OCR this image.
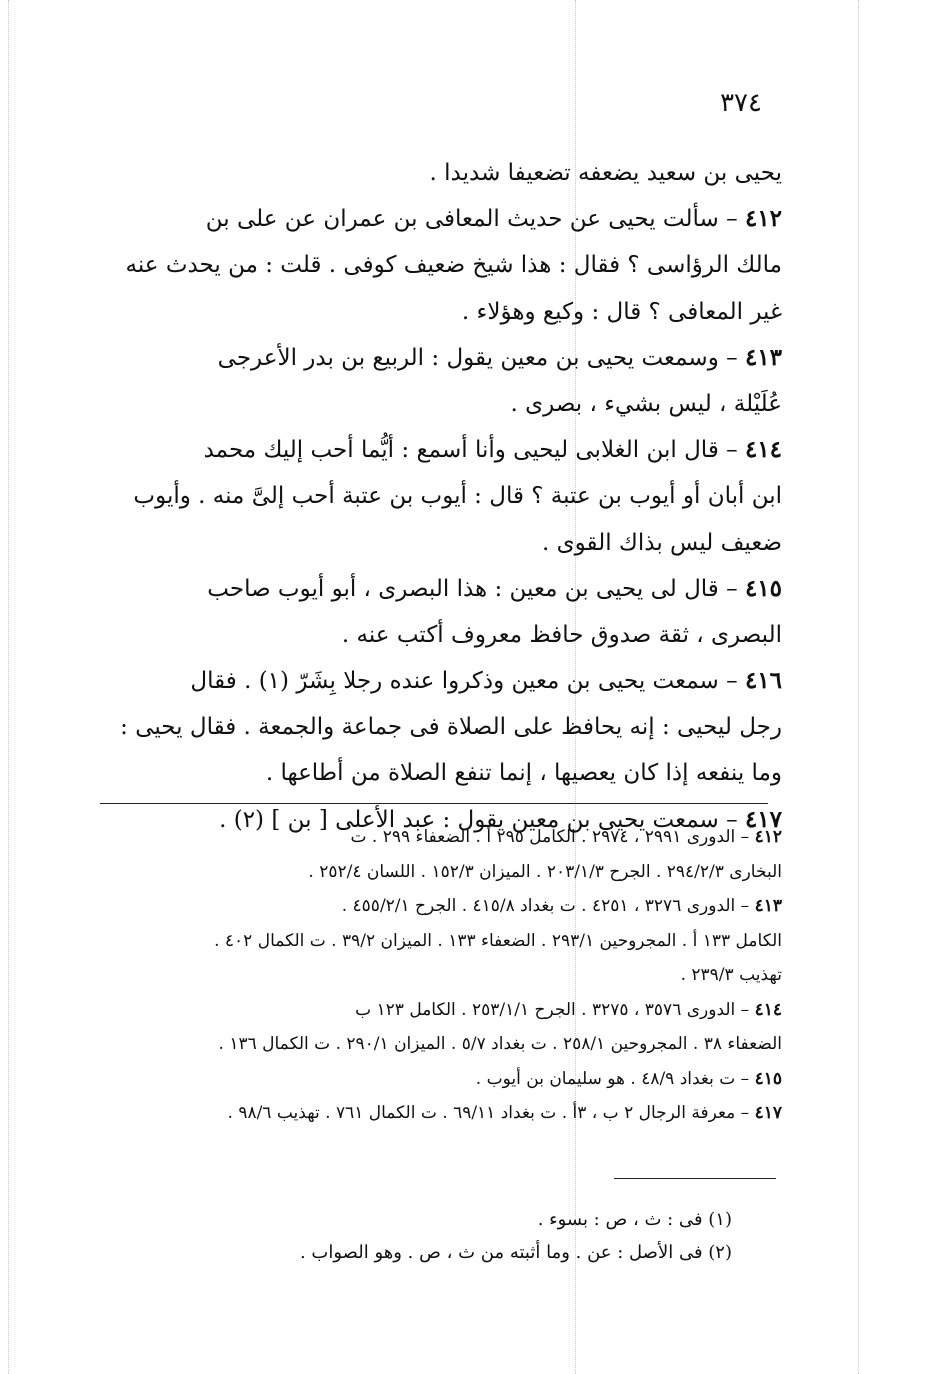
٣٧٤
يحيى بن سعيد يضعفه تضعيفا شديدا .
٤١٢ – سألت يحيى عن حديث المعافى بن عمران عن على بن
مالك الرؤاسى ؟ فقال : هذا شيخ ضعيف كوفى . قلت : من يحدث عنه
غير المعافى ؟ قال : وكيع وهؤلاء .
٤١٣ – وسمعت يحيى بن معين يقول : الربيع بن بدر الأعرجى
عُلَيْلة ، ليس بشيء ، بصرى .
٤١٤ – قال ابن الغلابى ليحيى وأنا أسمع : أيُّما أحب إليك محمد
ابن أبان أو أيوب بن عتبة ؟ قال : أيوب بن عتبة أحب إلىَّ منه . وأيوب
ضعيف ليس بذاك القوى .
٤١٥ – قال لى يحيى بن معين : هذا البصرى ، أبو أيوب صاحب
البصرى ، ثقة صدوق حافظ معروف أكتب عنه .
٤١٦ – سمعت يحيى بن معين وذكروا عنده رجلا بِشَرّ (١) . فقال
رجل ليحيى : إنه يحافظ على الصلاة فى جماعة والجمعة . فقال يحيى :
وما ينفعه إذا كان يعصيها ، إنما تنفع الصلاة من أطاعها .
٤١٧ – سمعت يحيى بن معين يقول : عبد الأعلى [ بن ] (٢) .
٤١٢ – الدورى ٢٩٩١ ، ٢٩٧٤ . الكامل ٢٩٥ أ . الضعفاء ٢٩٩ . ت
البخارى ٢٩٤/٢/٣ . الجرح ٢٠٣/١/٣ . الميزان ١٥٢/٣ . اللسان ٢٥٢/٤ .
٤١٣ – الدورى ٣٢٧٦ ، ٤٢٥١ . ت بغداد ٤١٥/٨ . الجرح ٤٥٥/٢/١ .
الكامل ١٣٣ أ . المجروحين ٢٩٣/١ . الضعفاء ١٣٣ . الميزان ٣٩/٢ . ت الكمال ٤٠٢ .
تهذيب ٢٣٩/٣ .
٤١٤ – الدورى ٣٥٧٦ ، ٣٢٧٥ . الجرح ٢٥٣/١/١ . الكامل ١٢٣ ب
الضعفاء ٣٨ . المجروحين ٢٥٨/١ . ت بغداد ٥/٧ . الميزان ٢٩٠/١ . ت الكمال ١٣٦ .
٤١٥ – ت بغداد ٤٨/٩ . هو سليمان بن أيوب .
٤١٧ – معرفة الرجال ٢ ب ، ٣أ . ت بغداد ٦٩/١١ . ت الكمال ٧٦١ . تهذيب ٩٨/٦ .
(١) فى : ث ، ص : بسوء .
(٢) فى الأصل : عن . وما أثبته من ث ، ص . وهو الصواب .
